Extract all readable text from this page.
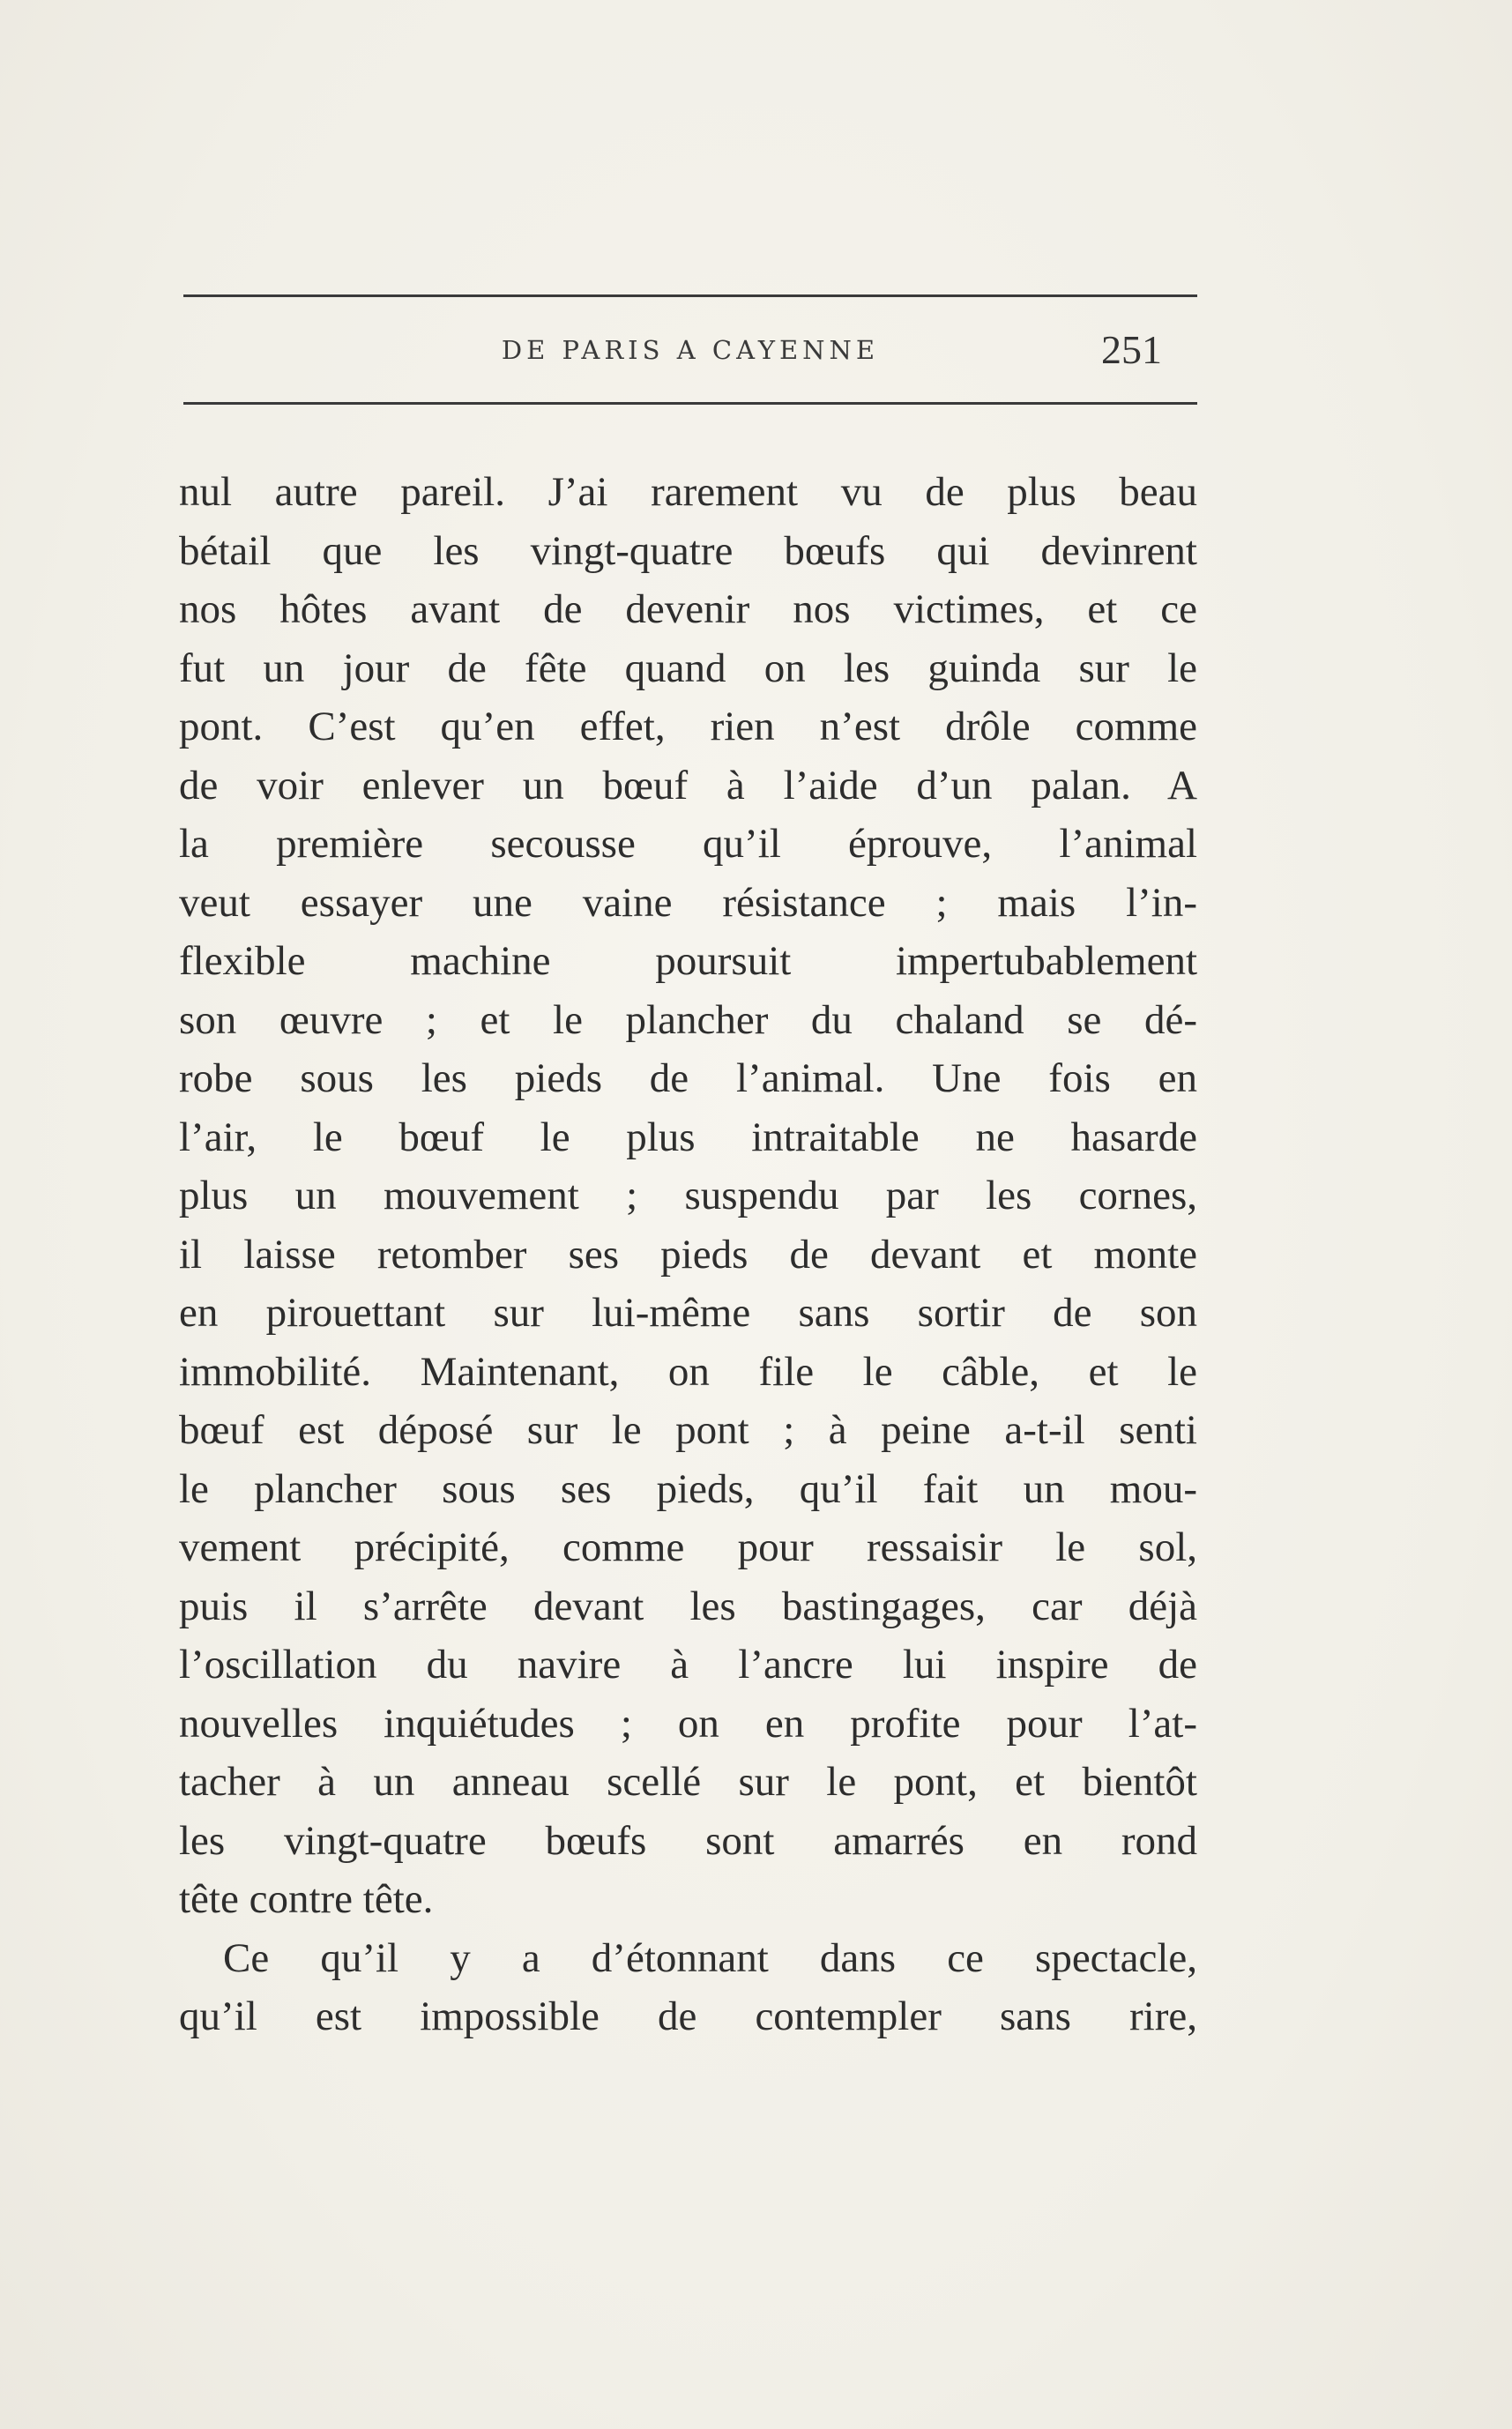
DE PARIS A CAYENNE	251
nul autre pareil. J’ai rarement vu de plus beau
bétail que les vingt-quatre bœufs qui devinrent
nos hôtes avant de devenir nos victimes, et ce
fut un jour de fête quand on les guinda sur le
pont. C’est qu’en effet, rien n’est drôle comme
de voir enlever un bœuf à l’aide d’un palan. A
la première secousse qu’il éprouve, l’animal
veut essayer une vaine résistance ; mais l’in-
flexible machine poursuit impertubablement
son œuvre ; et le plancher du chaland se dé-
robe sous les pieds de l’animal. Une fois en
l’air, le bœuf le plus intraitable ne hasarde
plus un mouvement ; suspendu par les cornes,
il laisse retomber ses pieds de devant et monte
en pirouettant sur lui-même sans sortir de son
immobilité. Maintenant, on file le câble, et le
bœuf est déposé sur le pont ; à peine a-t-il senti
le plancher sous ses pieds, qu’il fait un mou-
vement précipité, comme pour ressaisir le sol,
puis il s’arrête devant les bastingages, car déjà
l’oscillation du navire à l’ancre lui inspire de
nouvelles inquiétudes ; on en profite pour l’at-
tacher à un anneau scellé sur le pont, et bientôt
les vingt-quatre bœufs sont amarrés en rond
tête contre tête.
Ce qu’il y a d’étonnant dans ce spectacle,
qu’il est impossible de contempler sans rire,
